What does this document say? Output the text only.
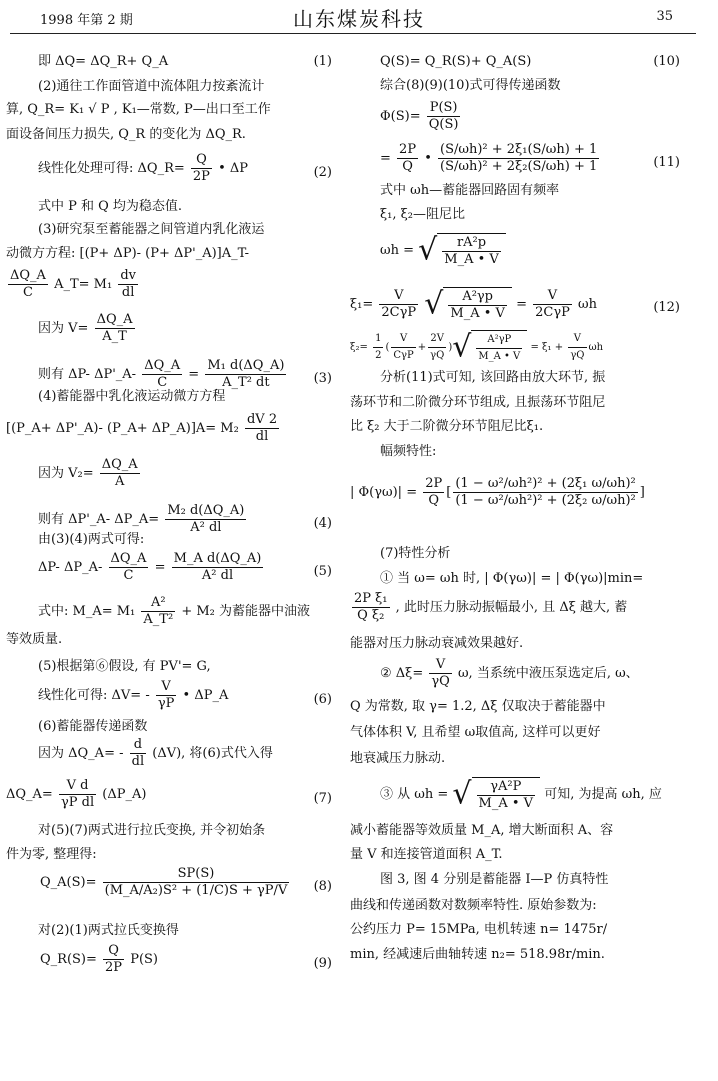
1998 年第 2 期	山东煤炭科技	35
即 ΔQ= ΔQ_R+ Q_A	(1)
(2)通往工作面管道中流体阻力按紊流计
算, Q_R= K₁ √ P , K₁—常数, P—出口至工作
面设备间压力损失, Q_R 的变化为 ΔQ_R.
线性化处理可得: ΔQ_R= $\frac{Q}{2P}$ • ΔP	(2)
式中 P 和 Q 均为稳态值.
(3)研究泵至蓄能器之间管道内乳化液运
动微方方程: [(P+ ΔP)- (P+ ΔP'_A)]A_T-
$\frac{\Delta Q\_A}{C}$ A_T= $M_1 \frac{dv}{dl}$
因为 $V= \frac{\Delta Q\_A}{A\_T}$
则有 ΔP- ΔP'_A- $\frac{\Delta Q\_A}{C} = \frac{\text{M₁ d(ΔQ\_A)}}{\text{A\_T² dt}} (3)$
(4)蓄能器中乳化液运动微方方程
[(P_A+ ΔP'_A)- (P_A+ ΔP_A)]A= $M_2 \frac{dV 2}{dl}$
因为 $V_2= \frac{\Delta Q\_A}{A}$
则有 ΔP'_A- ΔP_A= $\frac{\text{M₂ d(ΔQ\_A)}}{\text{A² dl}}$	(4)
由(3)(4)两式可得:
ΔP- ΔP_A- $\frac{\Delta Q\_A}{C} = \frac{\text{M\_A d(ΔQ\_A)}}{\text{A² dl}}$	(5)
式中: M_A= $M_1 \frac{\text{A²}}{\text{A\_T²}} + M_2$ 为蓄能器中油液
等效质量.
(5)根据第⑥假设, 有 PV'= G,
线性化可得: $\Delta V= - \frac{V}{\gamma P}$ • ΔP_A	(6)
(6)蓄能器传递函数
因为 ΔQ_A= - $\frac{d}{dl} (\Delta V)$, 将(6)式代入得
ΔQ_A= $\frac{\text{V d}}{\text{γP dl}}$ (ΔP_A)	(7)
对(5)(7)两式进行拉氏变换, 并令初始条
件为零, 整理得:
Q_A(S)= $\frac{SP(S)}{\text{(M\_A/A₂)S² + (1/C)S + γP/V}} (8)$
对(2)(1)两式拉氏变换得
Q_R(S)= $\frac{Q}{2P} P(S)$	(9)
Q(S)= Q_R(S)+ Q_A(S)	(10)
综合(8)(9)(10)式可得传递函数
$\Phi(S)= \frac{P(S)}{Q(S)}$
= $\frac{2P}{Q}$ • $\frac{\text{(S/ωh)² + 2ξ₁(S/ωh) + 1}}{\text{(S/ωh)² + 2ξ₂(S/ωh) + 1}}$	(11)
式中 ωh—蓄能器回路固有频率
ξ₁, ξ₂—阻尼比
ωh = √ $\frac{\text{rA²p}}{M\_A • V}$
$\xi_1= \frac{V}{\text{2CγP}}$ √ $\frac{\text{A²γp}}{M\_A • V} = \frac{V}{\text{2CγP}}$ ωh	(12)
$\xi_2= \frac{1}{2}$ ( $\frac{V}{\text{CγP}} + \frac{2V}{\gamma Q}$ )√ $\frac{\text{A²γP}}{M\_A • V} = \xi_1 + \frac{V}{\gamma Q}$ ωh
分析(11)式可知, 该回路由放大环节, 振
荡环节和二阶微分环节组成, 且振荡环节阻尼
比 ξ₂ 大于二阶微分环节阻尼比ξ₁.
幅频特性:
| $\Phi(\gamma\omega)| = \frac{2P}{Q}$ [ $\frac{\text{(1 − ω²/ωh²)² + (2ξ₁ ω/ωh)²}}{\text{(1 − ω²/ωh²)² + (2ξ₂ ω/ωh)²}}$ ]
(7)特性分析
① 当 ω= ωh 时, | Φ(γω)| = | Φ(γω)|min=
$\frac{\text{2P ξ₁}}{\text{Q ξ₂}}$ , 此时压力脉动振幅最小, 且 Δξ 越大, 蓄
能器对压力脉动衰减效果越好.
② $\Delta\xi= \frac{V}{\gamma Q} \omega$, 当系统中液压泵选定后, ω、
Q 为常数, 取 γ= 1.2, Δξ 仅取决于蓄能器中
气体体积 V, 且希望 ω取值高, 这样可以更好
地衰减压力脉动.
③ 从 ωh = √ $\frac{\text{γA²P}}{M\_A • V}$ 可知, 为提高 ωh, 应
减小蓄能器等效质量 M_A, 增大断面积 A、容
量 V 和连接管道面积 A_T.
图 3, 图 4 分别是蓄能器 I—P 仿真特性
曲线和传递函数对数频率特性. 原始参数为:
公约压力 P= 15MPa, 电机转速 n= 1475r/
min, 经减速后曲轴转速 n₂= 518.98r/min.
